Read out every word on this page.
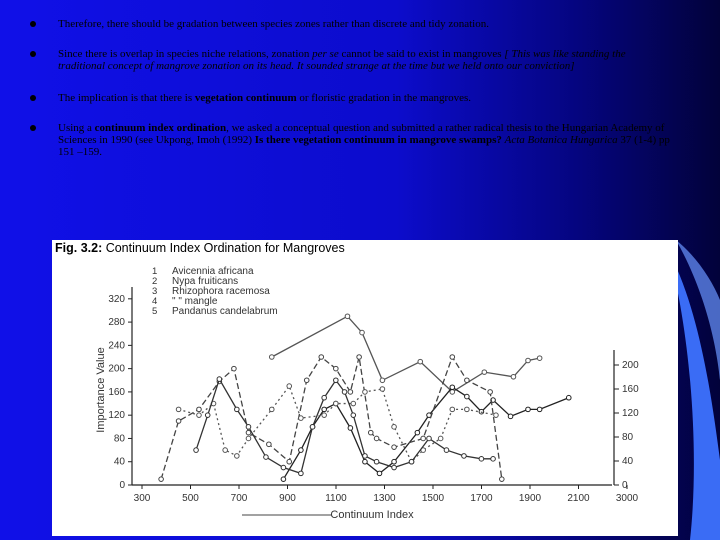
Therefore, there should be gradation between species zones rather than discrete and tidy zonation.
Since there is overlap in species niche relations, zonation per se cannot be said to exist in mangroves [ This was like standing the traditional concept of mangrove zonation on its head. It sounded strange at the time but we held onto our conviction]
The implication is that there is vegetation continuum or floristic gradation in the mangroves.
Using a continuum index ordination, we asked a conceptual question and submitted a rather radical thesis to the Hungarian Academy of Sciences in 1990 (see Ukpong, Imoh (1992) Is there vegetation continuum in mangrove swamps? Acta Botanica Hungarica 37 (1-4) pp 151 –159.
0
40
80
120
160
200
240
280
320
0
40
80
120
160
200
300	500	700	900	1100	1300	1500	1700	1900	2100	3000
Importance Value
Continuum Index
1 Avicennia africana
2 Nypa fruiticans
3 Rhizophora racemosa
4 " " mangle
5 Pandanus candelabrum
Fig. 3.2: Continuum Index Ordination for Mangroves
